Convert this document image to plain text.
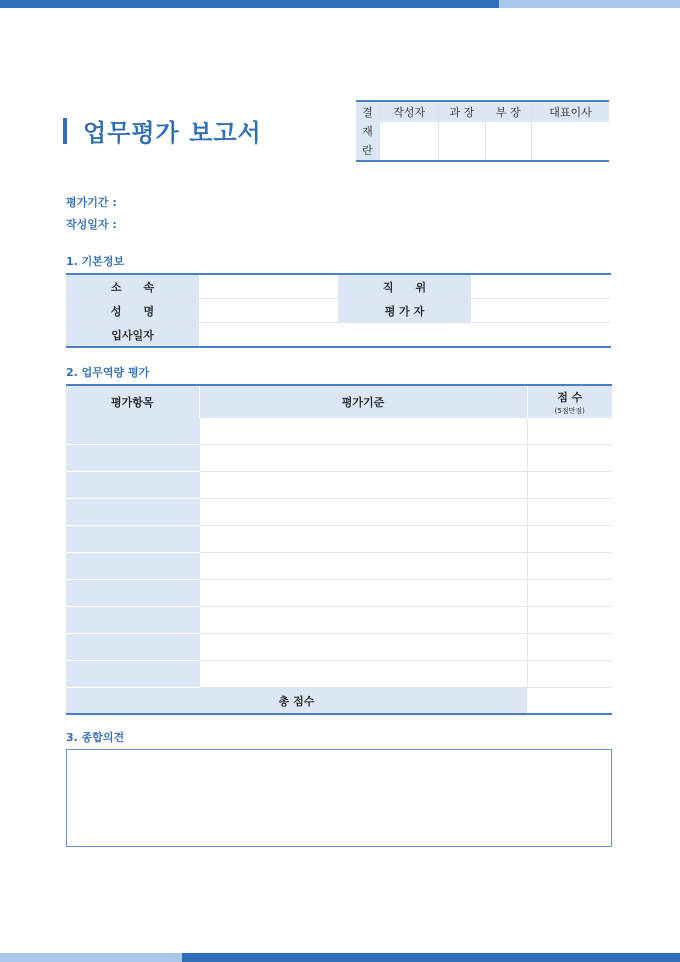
업무평가 보고서
결
재
란	작성자	과 장	부 장	대표이사

평가기간 :
작성일자 :
1. 기본정보
소　　속		직　　위	
성　　명		평 가 자	
입사일자			
2. 업무역량 평가
평가항목	평가기준	점 수
(5점만점)

총 점수		
3. 종합의견
